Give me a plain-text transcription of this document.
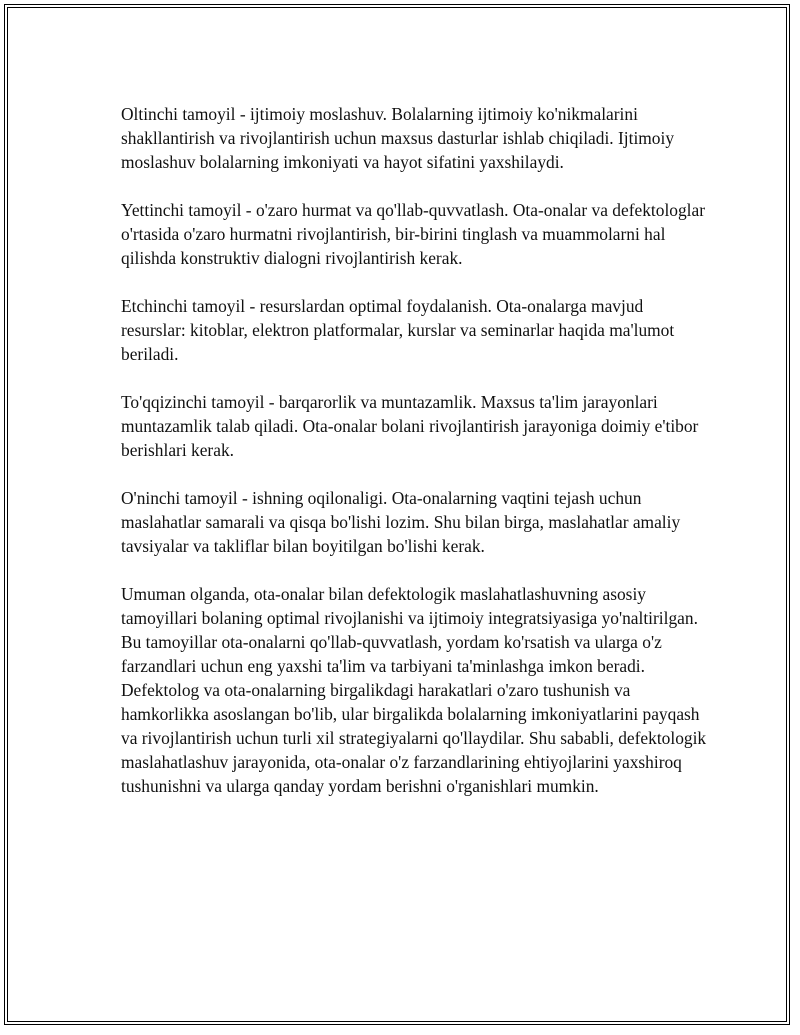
Oltinchi tamoyil - ijtimoiy moslashuv. Bolalarning ijtimoiy ko'nikmalarini shakllantirish va rivojlantirish uchun maxsus dasturlar ishlab chiqiladi. Ijtimoiy moslashuv bolalarning imkoniyati va hayot sifatini yaxshilaydi.

Yettinchi tamoyil - o'zaro hurmat va qo'llab-quvvatlash. Ota-onalar va defektologlar o'rtasida o'zaro hurmatni rivojlantirish, bir-birini tinglash va muammolarni hal qilishda konstruktiv dialogni rivojlantirish kerak.

Etchinchi tamoyil - resurslardan optimal foydalanish. Ota-onalarga mavjud resurslar: kitoblar, elektron platformalar, kurslar va seminarlar haqida ma'lumot beriladi.

To'qqizinchi tamoyil - barqarorlik va muntazamlik. Maxsus ta'lim jarayonlari muntazamlik talab qiladi. Ota-onalar bolani rivojlantirish jarayoniga doimiy e'tibor berishlari kerak.

O'ninchi tamoyil - ishning oqilonaligi. Ota-onalarning vaqtini tejash uchun maslahatlar samarali va qisqa bo'lishi lozim. Shu bilan birga, maslahatlar amaliy tavsiyalar va takliflar bilan boyitilgan bo'lishi kerak.

Umuman olganda, ota-onalar bilan defektologik maslahatlashuvning asosiy tamoyillari bolaning optimal rivojlanishi va ijtimoiy integratsiyasiga yo'naltirilgan. Bu tamoyillar ota-onalarni qo'llab-quvvatlash, yordam ko'rsatish va ularga o'z farzandlari uchun eng yaxshi ta'lim va tarbiyani ta'minlashga imkon beradi. Defektolog va ota-onalarning birgalikdagi harakatlari o'zaro tushunish va hamkorlikka asoslangan bo'lib, ular birgalikda bolalarning imkoniyatlarini payqash va rivojlantirish uchun turli xil strategiyalarni qo'llaydilar. Shu sababli, defektologik maslahatlashuv jarayonida, ota-onalar o'z farzandlarining ehtiyojlarini yaxshiroq tushunishni va ularga qanday yordam berishni o'rganishlari mumkin.
